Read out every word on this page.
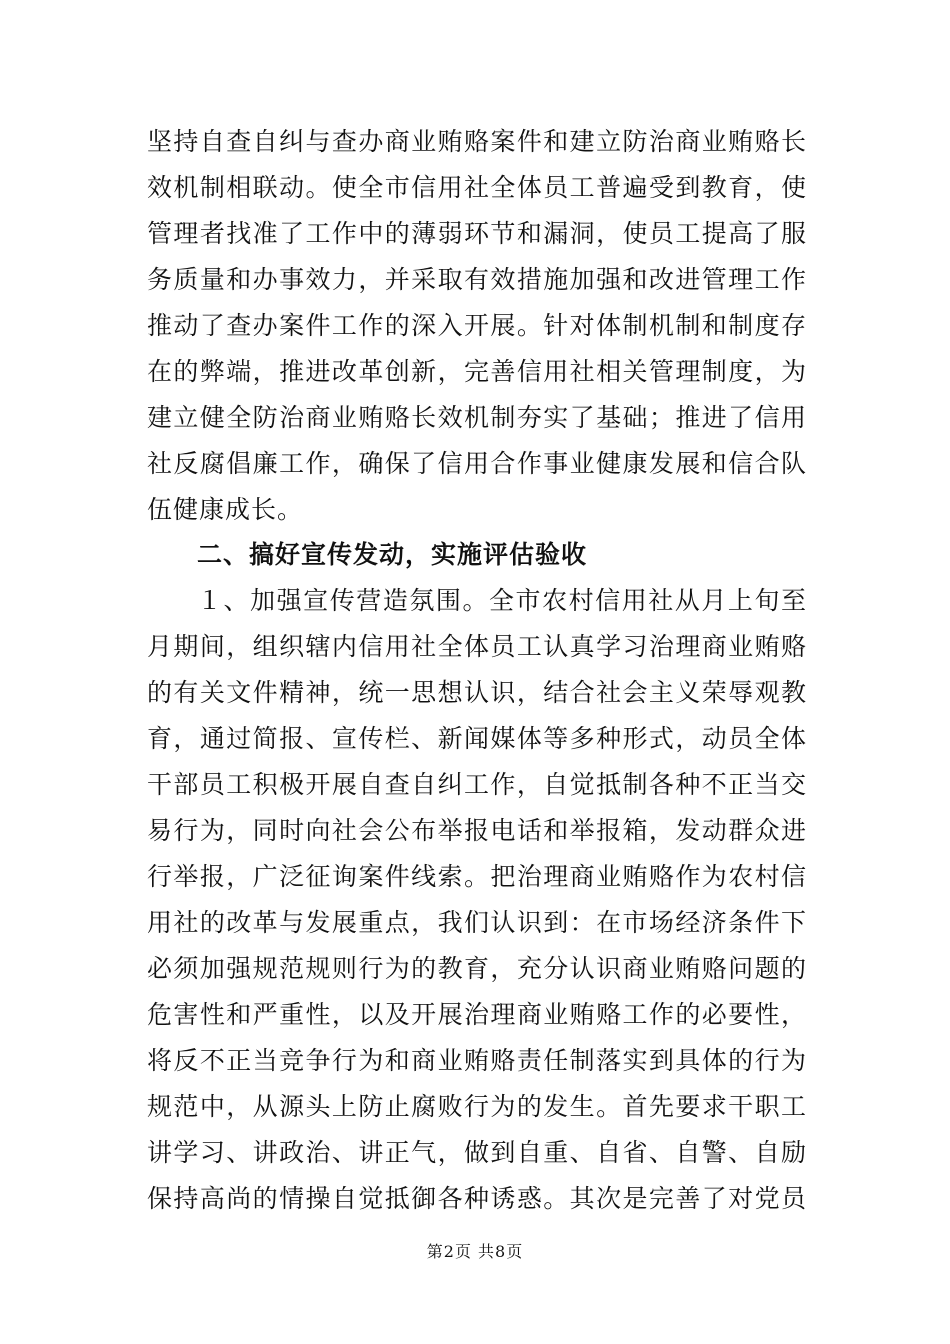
坚持自查自纠与查办商业贿赂案件和建立防治商业贿赂长
效机制相联动。使全市信用社全体员工普遍受到教育，使
管理者找准了工作中的薄弱环节和漏洞，使员工提高了服
务质量和办事效力，并采取有效措施加强和改进管理工作
推动了查办案件工作的深入开展。针对体制机制和制度存
在的弊端，推进改革创新，完善信用社相关管理制度，为
建立健全防治商业贿赂长效机制夯实了基础；推进了信用
社反腐倡廉工作，确保了信用合作事业健康发展和信合队
伍健康成长。
二、搞好宣传发动，实施评估验收
１、加强宣传营造氛围。全市农村信用社从月上旬至
月期间，组织辖内信用社全体员工认真学习治理商业贿赂
的有关文件精神，统一思想认识，结合社会主义荣辱观教
育，通过简报、宣传栏、新闻媒体等多种形式，动员全体
干部员工积极开展自查自纠工作，自觉抵制各种不正当交
易行为，同时向社会公布举报电话和举报箱，发动群众进
行举报，广泛征询案件线索。把治理商业贿赂作为农村信
用社的改革与发展重点，我们认识到：在市场经济条件下
必须加强规范规则行为的教育，充分认识商业贿赂问题的
危害性和严重性，以及开展治理商业贿赂工作的必要性，
将反不正当竞争行为和商业贿赂责任制落实到具体的行为
规范中，从源头上防止腐败行为的发生。首先要求干职工
讲学习、讲政治、讲正气，做到自重、自省、自警、自励
保持高尚的情操自觉抵御各种诱惑。其次是完善了对党员
第2页 共8页
